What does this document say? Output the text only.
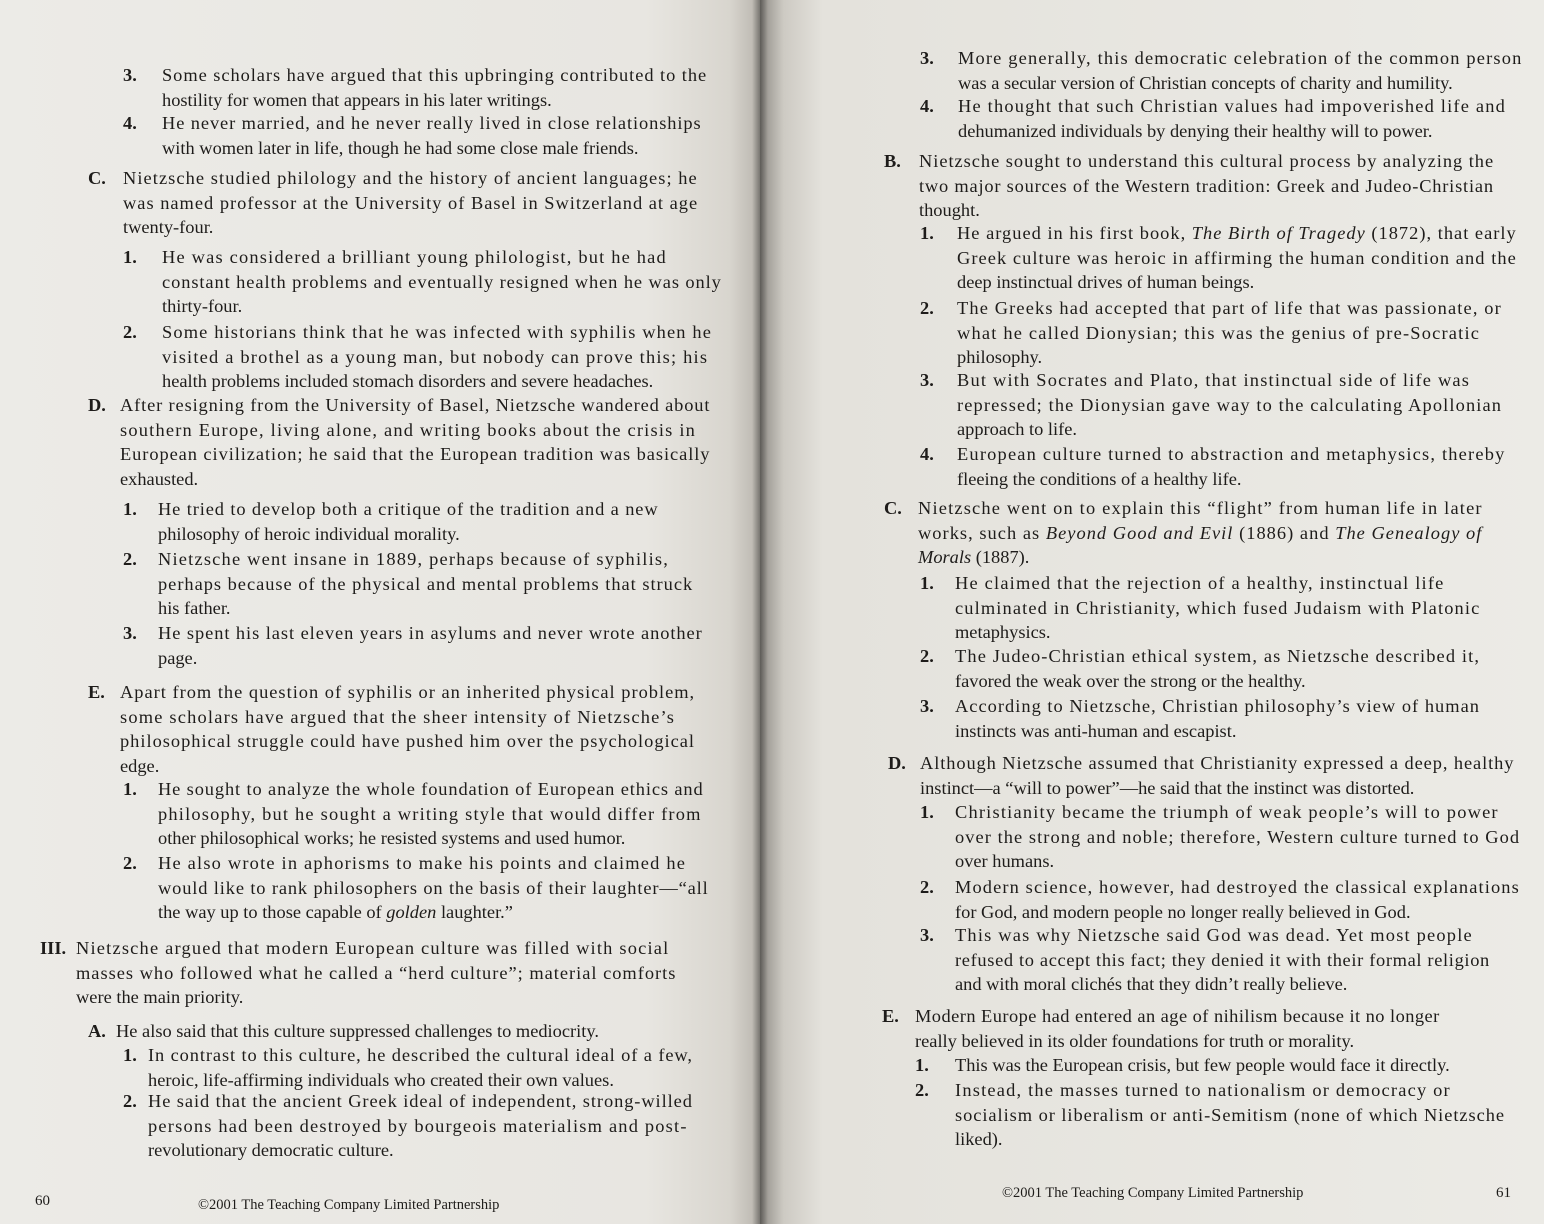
3. Some scholars have argued that this upbringing contributed to the
hostility for women that appears in his later writings.
4. He never married, and he never really lived in close relationships
with women later in life, though he had some close male friends.
C. Nietzsche studied philology and the history of ancient languages; he
was named professor at the University of Basel in Switzerland at age
twenty-four.
1. He was considered a brilliant young philologist, but he had
constant health problems and eventually resigned when he was only
thirty-four.
2. Some historians think that he was infected with syphilis when he
visited a brothel as a young man, but nobody can prove this; his
health problems included stomach disorders and severe headaches.
D. After resigning from the University of Basel, Nietzsche wandered about
southern Europe, living alone, and writing books about the crisis in
European civilization; he said that the European tradition was basically
exhausted.
1. He tried to develop both a critique of the tradition and a new
philosophy of heroic individual morality.
2. Nietzsche went insane in 1889, perhaps because of syphilis,
perhaps because of the physical and mental problems that struck
his father.
3. He spent his last eleven years in asylums and never wrote another
page.
E. Apart from the question of syphilis or an inherited physical problem,
some scholars have argued that the sheer intensity of Nietzsche’s
philosophical struggle could have pushed him over the psychological
edge.
1. He sought to analyze the whole foundation of European ethics and
philosophy, but he sought a writing style that would differ from
other philosophical works; he resisted systems and used humor.
2. He also wrote in aphorisms to make his points and claimed he
would like to rank philosophers on the basis of their laughter—“all
the way up to those capable of golden laughter.”
III. Nietzsche argued that modern European culture was filled with social
masses who followed what he called a “herd culture”; material comforts
were the main priority.
A. He also said that this culture suppressed challenges to mediocrity.
1. In contrast to this culture, he described the cultural ideal of a few,
heroic, life-affirming individuals who created their own values.
2. He said that the ancient Greek ideal of independent, strong-willed
persons had been destroyed by bourgeois materialism and post-
revolutionary democratic culture.
©2001 The Teaching Company Limited Partnership
60
3. More generally, this democratic celebration of the common person
was a secular version of Christian concepts of charity and humility.
4. He thought that such Christian values had impoverished life and
dehumanized individuals by denying their healthy will to power.
B. Nietzsche sought to understand this cultural process by analyzing the
two major sources of the Western tradition: Greek and Judeo-Christian
thought.
1. He argued in his first book, The Birth of Tragedy (1872), that early
Greek culture was heroic in affirming the human condition and the
deep instinctual drives of human beings.
2. The Greeks had accepted that part of life that was passionate, or
what he called Dionysian; this was the genius of pre-Socratic
philosophy.
3. But with Socrates and Plato, that instinctual side of life was
repressed; the Dionysian gave way to the calculating Apollonian
approach to life.
4. European culture turned to abstraction and metaphysics, thereby
fleeing the conditions of a healthy life.
C. Nietzsche went on to explain this “flight” from human life in later
works, such as Beyond Good and Evil (1886) and The Genealogy of
Morals (1887).
1. He claimed that the rejection of a healthy, instinctual life
culminated in Christianity, which fused Judaism with Platonic
metaphysics.
2. The Judeo-Christian ethical system, as Nietzsche described it,
favored the weak over the strong or the healthy.
3. According to Nietzsche, Christian philosophy’s view of human
instincts was anti-human and escapist.
D. Although Nietzsche assumed that Christianity expressed a deep, healthy
instinct—a “will to power”—he said that the instinct was distorted.
1. Christianity became the triumph of weak people’s will to power
over the strong and noble; therefore, Western culture turned to God
over humans.
2. Modern science, however, had destroyed the classical explanations
for God, and modern people no longer really believed in God.
3. This was why Nietzsche said God was dead. Yet most people
refused to accept this fact; they denied it with their formal religion
and with moral clichés that they didn’t really believe.
E. Modern Europe had entered an age of nihilism because it no longer
really believed in its older foundations for truth or morality.
1. This was the European crisis, but few people would face it directly.
2. Instead, the masses turned to nationalism or democracy or
socialism or liberalism or anti-Semitism (none of which Nietzsche
liked).
©2001 The Teaching Company Limited Partnership	61
